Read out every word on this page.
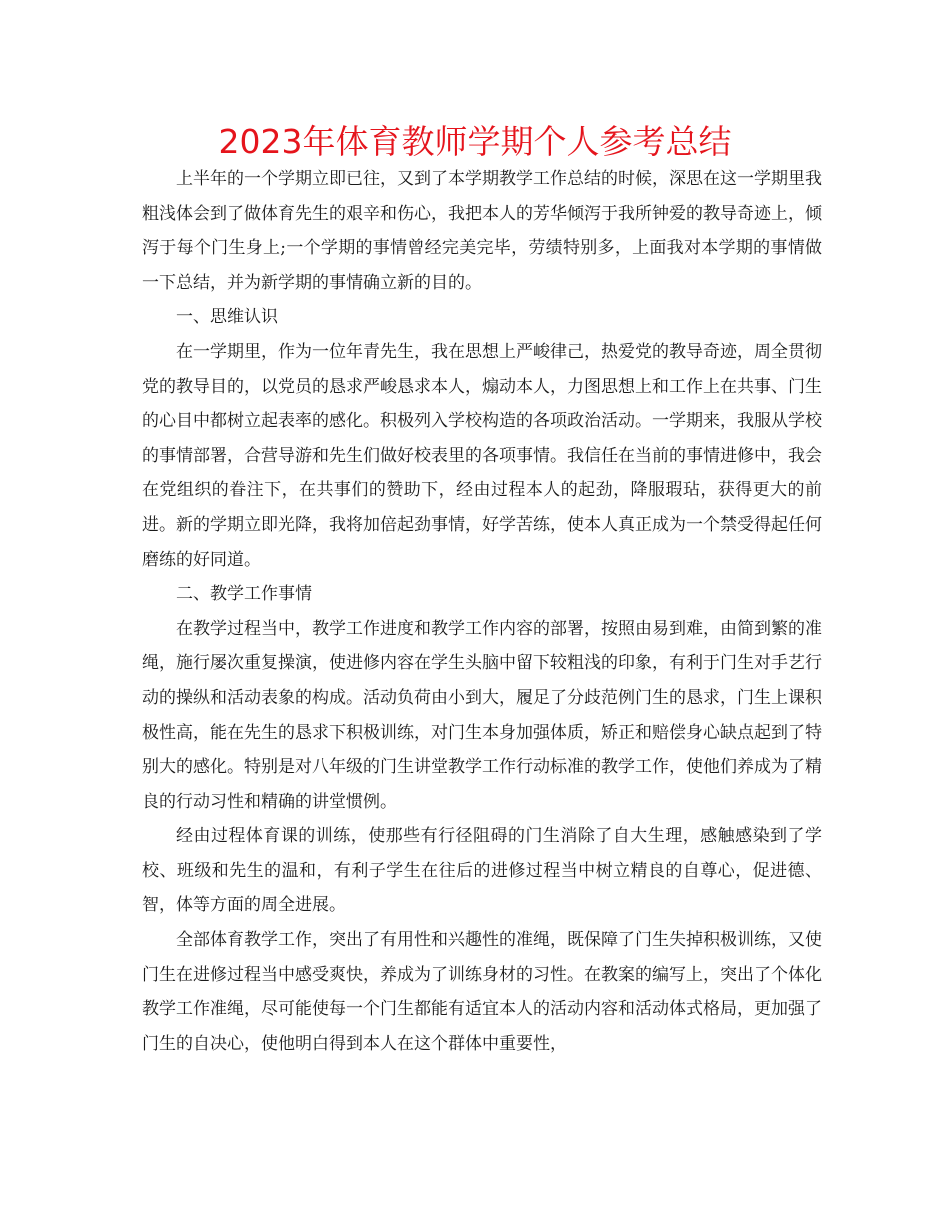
2023年体育教师学期个人参考总结

上半年的一个学期立即已往，又到了本学期教学工作总结的时候，深思在这一学期里我粗浅体会到了做体育先生的艰辛和伤心，我把本人的芳华倾泻于我所钟爱的教导奇迹上，倾泻于每个门生身上;一个学期的事情曾经完美完毕，劳绩特别多，上面我对本学期的事情做一下总结，并为新学期的事情确立新的目的。

一、思维认识

在一学期里，作为一位年青先生，我在思想上严峻律己，热爱党的教导奇迹，周全贯彻党的教导目的，以党员的恳求严峻恳求本人，煽动本人，力图思想上和工作上在共事、门生的心目中都树立起表率的感化。积极列入学校构造的各项政治活动。一学期来，我服从学校的事情部署，合营导游和先生们做好校表里的各项事情。我信任在当前的事情进修中，我会在党组织的眷注下，在共事们的赞助下，经由过程本人的起劲，降服瑕玷，获得更大的前进。新的学期立即光降，我将加倍起劲事情，好学苦练，使本人真正成为一个禁受得起任何磨练的好同道。

二、教学工作事情

在教学过程当中，教学工作进度和教学工作内容的部署，按照由易到难，由简到繁的准绳，施行屡次重复操演，使进修内容在学生头脑中留下较粗浅的印象，有利于门生对手艺行动的操纵和活动表象的构成。活动负荷由小到大，履足了分歧范例门生的恳求，门生上课积极性高，能在先生的恳求下积极训练，对门生本身加强体质，矫正和赔偿身心缺点起到了特别大的感化。特别是对八年级的门生讲堂教学工作行动标准的教学工作，使他们养成为了精良的行动习性和精确的讲堂惯例。

经由过程体育课的训练，使那些有行径阻碍的门生消除了自大生理，感触感染到了学校、班级和先生的温和，有利子学生在往后的进修过程当中树立精良的自尊心，促进德、智，体等方面的周全进展。

全部体育教学工作，突出了有用性和兴趣性的准绳，既保障了门生失掉积极训练，又使门生在进修过程当中感受爽快，养成为了训练身材的习性。在教案的编写上，突出了个体化教学工作准绳，尽可能使每一个门生都能有适宜本人的活动内容和活动体式格局，更加强了门生的自决心，使他明白得到本人在这个群体中重要性，
